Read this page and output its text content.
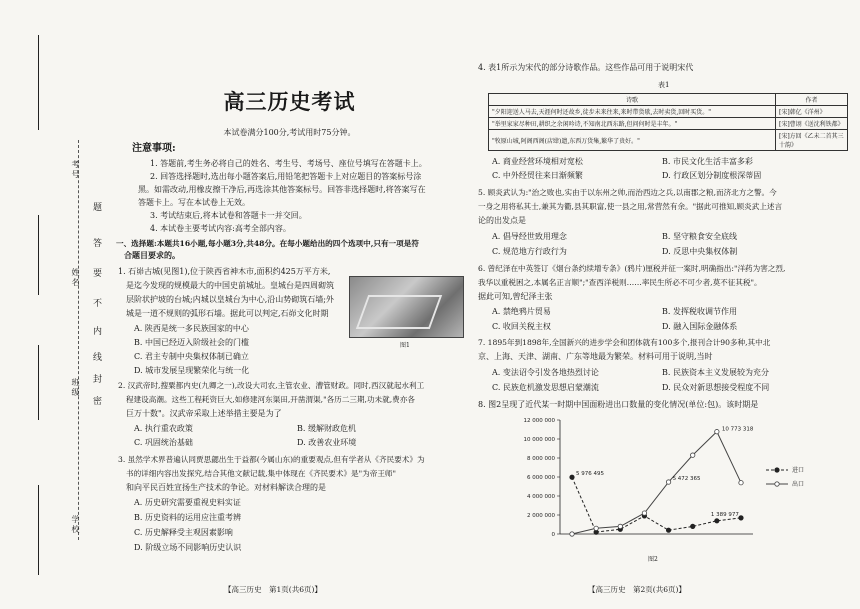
考号
姓名
班级
学校
题
答
要
不
内
线
封
密
高三历史考试
本试卷满分100分,考试用时75分钟。
注意事项:
1. 答题前,考生务必将自己的姓名、考生号、考场号、座位号填写在答题卡上。
2. 回答选择题时,选出每小题答案后,用铅笔把答题卡上对应题目的答案标号涂
黑。如需改动,用橡皮擦干净后,再选涂其他答案标号。回答非选择题时,将答案写在
答题卡上。写在本试卷上无效。
3. 考试结束后,将本试卷和答题卡一并交回。
4. 本试卷主要考试内容:高考全部内容。
一、选择题:本题共16小题,每小题3分,共48分。在每小题给出的四个选项中,只有一项是符
合题目要求的。
1. 石峁古城(见图1),位于陕西省神木市,面积约425万平方米,
是迄今发现的规模最大的中国史前城址。皇城台是四周砌筑
层阶状护坡的台城;内城以皇城台为中心,沿山势砌筑石墙;外
城是一道不规则的弧形石墙。据此可以判定,石峁文化时期
A. 陕西是统一多民族国家的中心
B. 中国已经迈入阶级社会的门槛
C. 君主专制中央集权体制已确立
D. 城市发展呈现繁荣化与统一化
图1
2. 汉武帝时,搜粟都内史(九卿之一),改设大司农,主管农业、漕管财政。同时,西汉就起水利工
程建设高潮。这些工程耗资巨大,如修建河东渠田,开凿渭渠,"各历二三期,功未就,费亦各
巨万十数"。汉武帝采取上述举措主要是为了
A. 执行重农政策	B. 缓解财政危机
C. 巩固统治基础	D. 改善农业环境
3. 虽然学术界普遍认同贾思勰出生于益都(今属山东)的重要观点,但有学者从《齐民要术》为
书的详细内容出发探究,结合其他文献记载,集中体现在《齐民要术》是"为帝王师"
和向平民百姓宣扬生产技术的争论。对材料解读合理的是
A. 历史研究需要重视史料实证
B. 历史资料的运用应注重考辨
C. 历史解释受主观因素影响
D. 阶级立场不同影响历史认识
【高三历史　第1页(共6页)】
4. 表1所示为宋代的部分诗歌作品。这些作品可用于说明宋代
表1
诗歌	作者
"夕阳迎送人马去,天涯何时还故乡,徒步未来往来,来时带货歇,去时卖货,回时买货。"	[宋]韩亿《洋州》
"举里家家尽种田,耕织之余闲吟诗,不知南北西东路,但问何时是丰年。"	[宋]曹诩《送沈利铁都》
"牧原山城,阿阁西阁(店肆)遗,东西万货集,繁华了贵好。"	[宋]方回《乙未二首其三十韵》
A. 商业经营环境相对宽松	B. 市民文化生活丰富多彩
C. 中外经贸往来日渐频繁	D. 行政区划分制度根深蒂固
5. 顾炎武认为:"治之败也,实由于以东州之帅,而治西边之兵,以南郡之粮,而济北方之警。今
一身之用将私其士,兼其为衢,县其职富,使一县之用,常营然有余。"据此可推知,顾炎武上述言
论的出发点是
A. 倡导经世致用理念	B. 坚守粮食安全底线
C. 规范地方行政行为	D. 反思中央集权体制
6. 曾纪泽在中英签订《烟台条约续增专条》(鸦片)厘税并征一案时,明确指出:"洋药为害之烈,
我华以重税困之,本属名正言顺";"查西洋税则……率民生所必不可少者,莫不征其税"。
据此可知,曾纪泽主张
A. 禁绝鸦片贸易	B. 发挥税收调节作用
C. 收回关税主权	D. 融入国际金融体系
7. 1895年到1898年,全国新兴的进步学会和团体就有100多个,报刊合计90多种,其中北
京、上海、天津、湖南、广东等地最为繁荣。材料可用于说明,当时
A. 变法诏令引发各地热烈讨论	B. 民族资本主义发展较为充分
C. 民族危机激发思想启蒙潮流	D. 民众对新思想接受程度不同
8. 图2呈现了近代某一时期中国面粉进出口数量的变化情况(单位:包)。该时期是
0
2 000 000
4 000 000
6 000 000
8 000 000
10 000 000
12 000 000
进口
出口
5 976 495
5 472 365
10 773 318
1 389 977
图2
【高三历史　第2页(共6页)】
